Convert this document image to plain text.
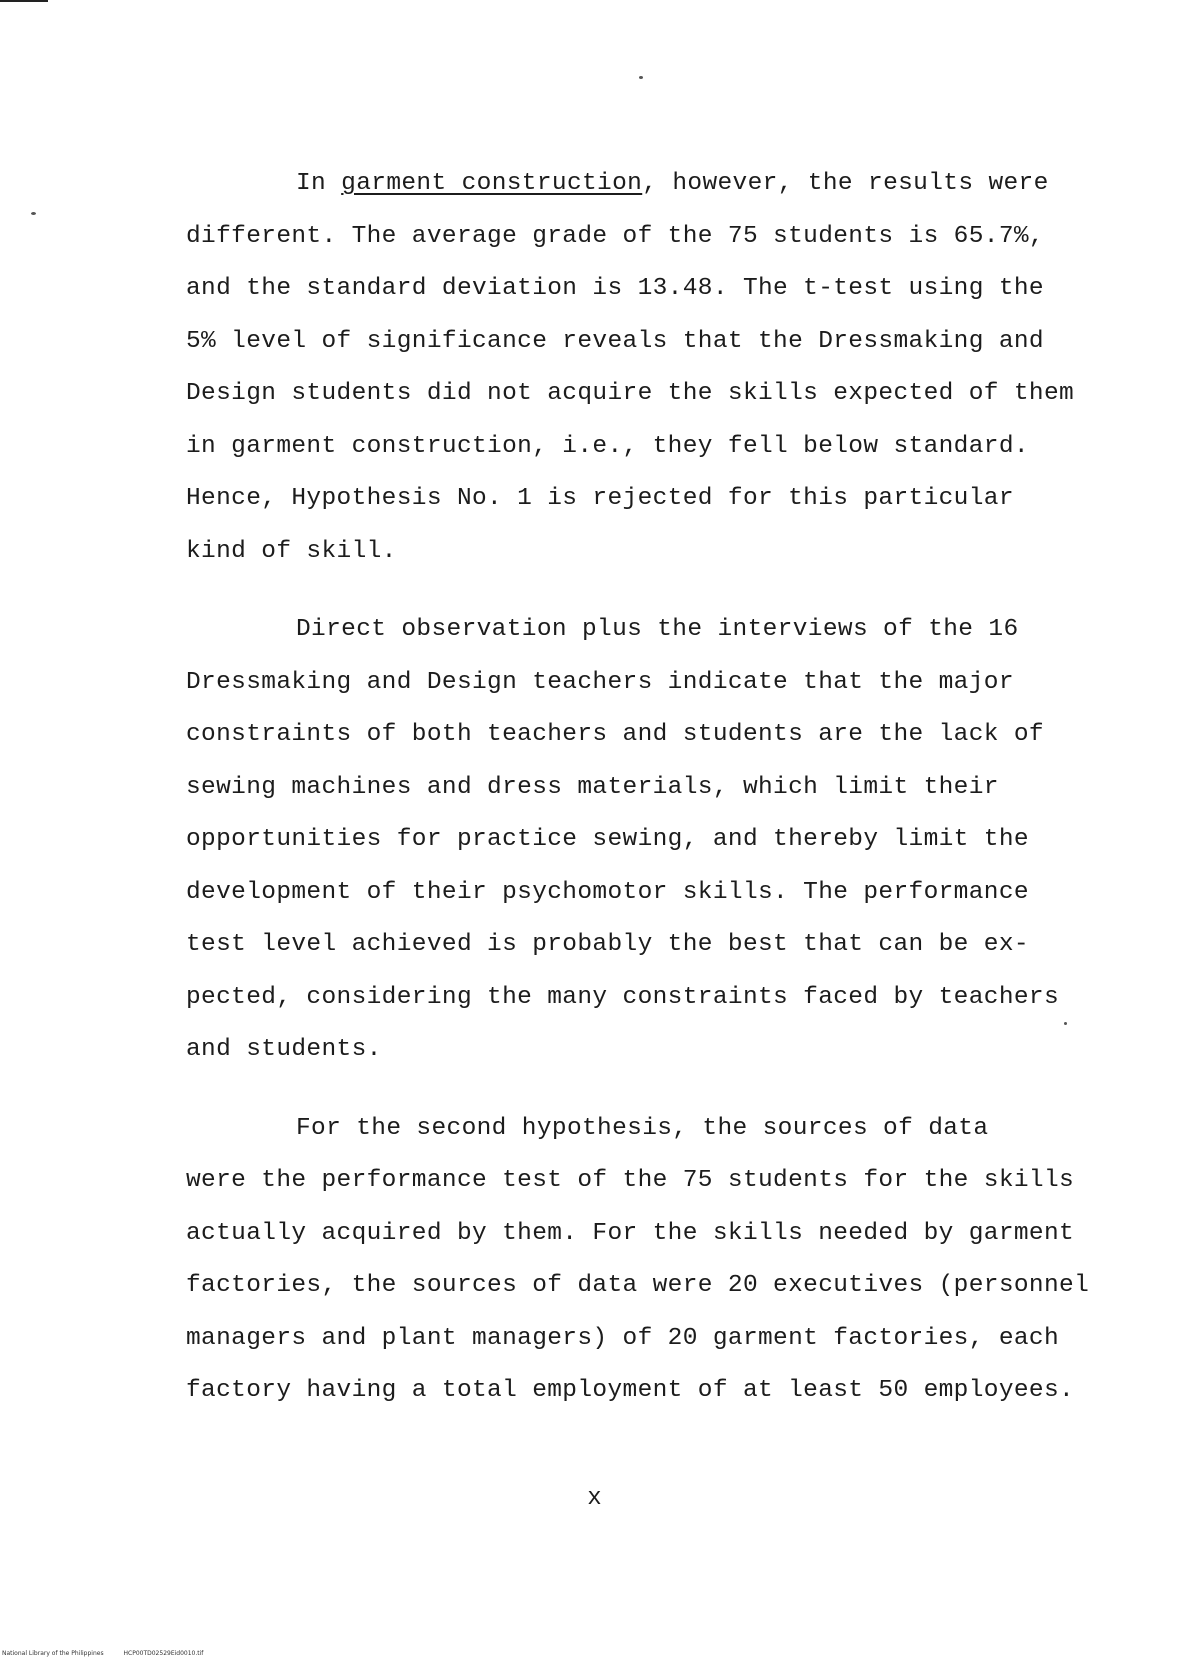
In garment construction, however, the results were
different. The average grade of the 75 students is 65.7%,
and the standard deviation is 13.48. The t-test using the
5% level of significance reveals that the Dressmaking and
Design students did not acquire the skills expected of them
in garment construction, i.e., they fell below standard.
Hence, Hypothesis No. 1 is rejected for this particular
kind of skill.
Direct observation plus the interviews of the 16
Dressmaking and Design teachers indicate that the major
constraints of both teachers and students are the lack of
sewing machines and dress materials, which limit their
opportunities for practice sewing, and thereby limit the
development of their psychomotor skills. The performance
test level achieved is probably the best that can be ex-
pected, considering the many constraints faced by teachers
and students.
For the second hypothesis, the sources of data
were the performance test of the 75 students for the skills
actually acquired by them. For the skills needed by garment
factories, the sources of data were 20 executives (personnel
managers and plant managers) of 20 garment factories, each
factory having a total employment of at least 50 employees.
x
National Library of the Philippines	HCP00TD02529Eid0010.tif
